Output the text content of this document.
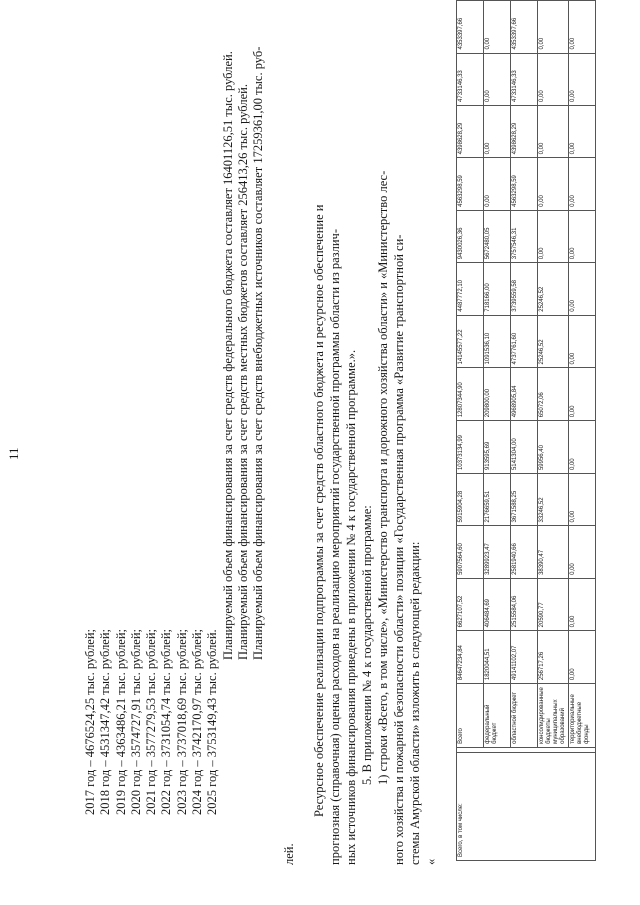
11
2017 год – 4676524,25 тыс. рублей; 2018 год – 4531347,42 тыс. рублей; 2019 год – 4363486,21 тыс. рублей; 2020 год – 3574727,91 тыс. рублей; 2021 год – 3577279,53 тыс. рублей; 2022 год – 3731054,74 тыс. рублей; 2023 год – 3737018,69 тыс. рублей; 2024 год – 3742170,97 тыс. рублей; 2025 год – 3753149,43 тыс. рублей.
Планируемый объем финансирования за счет средств федерального бюджета составляет 16401126,51 тыс. рублей. Планируемый объем финансирования за счет средств местных бюджетов составляет 256413,26 тыс. рублей. Планируемый объем финансирования за счет средств внебюджетных источников составляет 17259361,00 тыс. руб-
лей.
Ресурсное обеспечение реализации подпрограммы за счет средств областного бюджета и ресурсное обеспечение и прогнозная (справочная) оценка расходов на реализацию мероприятий государственной программы области из различ- ных источников финансирования приведены в приложении № 4 к государственной программе.». 5. В приложении № 4 к государственной программе: 1) строки «Всего, в том числе», «Министерство транспорта и дорожного хозяйства области» и «Министерство лес- ного хозяйства и пожарной безопасности области» позиции «Государственная программа «Развитие транспортной си- стемы Амурской области» изложить в следующей редакции: «
Всего, в том числе:		Всего	84647234,84	6627107,52	5907564,60	5915904,28	10373134,99	12807344,90	14145577,22	4487772,10	9430026,36	4563298,59	4398628,29	4733146,33	4353397,66
		федеральный бюджет	1820044,51	406484,69	3289923,47	2176659,51	913595,69	209800,00	1091536,10	718166,00	5672480,05	0,00	0,00	0,00	0,00
		областной бюджет	49141102,07	2515584,06	2581940,66	3671588,25	5141304,00	4968905,84	4737761,60	3739559,58	3757546,31	4563298,59	4398628,29	4733146,33	4353397,66
		консолидированные бюджеты муниципальных образований	256717,26	20590,77	38390,47	33246,52	59956,40	65072,06	25246,52	25246,52	0,00	0,00	0,00	0,00	0,00
		территориальные внебюджетные фонды	0,00	0,00	0,00	0,00	0,00	0,00	0,00	0,00	0,00	0,00	0,00	0,00	0,00
